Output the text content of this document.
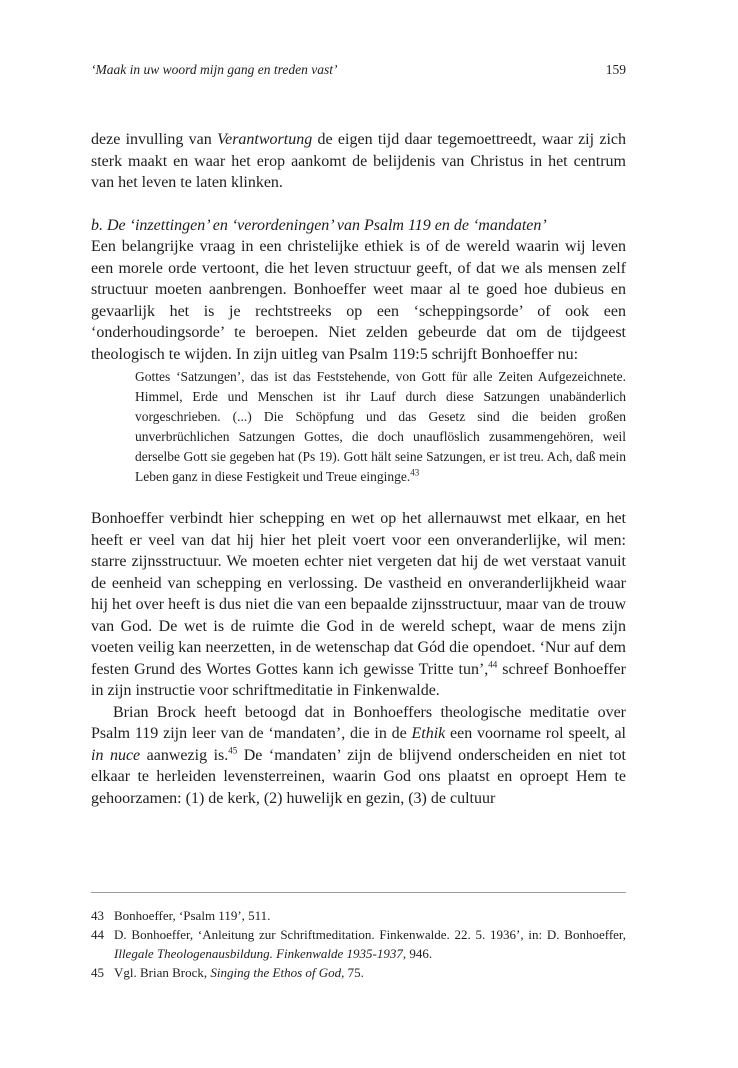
‘Maak in uw woord mijn gang en treden vast’	159

deze invulling van Verantwortung de eigen tijd daar tegemoettreedt, waar zij zich sterk maakt en waar het erop aankomt de belijdenis van Christus in het centrum van het leven te laten klinken.

b. De ‘inzettingen’ en ‘verordeningen’ van Psalm 119 en de ‘mandaten’

Een belangrijke vraag in een christelijke ethiek is of de wereld waarin wij leven een morele orde vertoont, die het leven structuur geeft, of dat we als mensen zelf structuur moeten aanbrengen. Bonhoeffer weet maar al te goed hoe dubieus en gevaarlijk het is je rechtstreeks op een ‘scheppingsorde’ of ook een ‘onderhoudingsorde’ te beroepen. Niet zelden gebeurde dat om de tijdgeest theologisch te wijden. In zijn uitleg van Psalm 119:5 schrijft Bonhoeffer nu:

Gottes ‘Satzungen’, das ist das Feststehende, von Gott für alle Zeiten Aufgezeichnete. Himmel, Erde und Menschen ist ihr Lauf durch diese Satzungen unabänderlich vorgeschrieben. (...) Die Schöpfung und das Gesetz sind die beiden großen unverbrüchlichen Satzungen Gottes, die doch unauflöslich zusammengehören, weil derselbe Gott sie gegeben hat (Ps 19). Gott hält seine Satzungen, er ist treu. Ach, daß mein Leben ganz in diese Festigkeit und Treue einginge.$^{43}$

Bonhoeffer verbindt hier schepping en wet op het allernauwst met elkaar, en het heeft er veel van dat hij hier het pleit voert voor een onveranderlijke, wil men: starre zijnsstructuur. We moeten echter niet vergeten dat hij de wet verstaat vanuit de eenheid van schepping en verlossing. De vastheid en onveranderlijkheid waar hij het over heeft is dus niet die van een bepaalde zijnsstructuur, maar van de trouw van God. De wet is de ruimte die God in de wereld schept, waar de mens zijn voeten veilig kan neerzetten, in de wetenschap dat Gód die opendoet. ‘Nur auf dem festen Grund des Wortes Gottes kann ich gewisse Tritte tun’,$^{44}$ schreef Bonhoeffer in zijn instructie voor schriftmeditatie in Finkenwalde.

Brian Brock heeft betoogd dat in Bonhoeffers theologische meditatie over Psalm 119 zijn leer van de ‘mandaten’, die in de Ethik een voorname rol speelt, al in nuce aanwezig is.$^{45}$ De ‘mandaten’ zijn de blijvend onderscheiden en niet tot elkaar te herleiden levensterreinen, waarin God ons plaatst en oproept Hem te gehoorzamen: (1) de kerk, (2) huwelijk en gezin, (3) de cultuur

43 Bonhoeffer, ‘Psalm 119’, 511.

44 D. Bonhoeffer, ‘Anleitung zur Schriftmeditation. Finkenwalde. 22. 5. 1936’, in: D. Bonhoeffer, Illegale Theologenausbildung. Finkenwalde 1935-1937, 946.

45 Vgl. Brian Brock, Singing the Ethos of God, 75.
